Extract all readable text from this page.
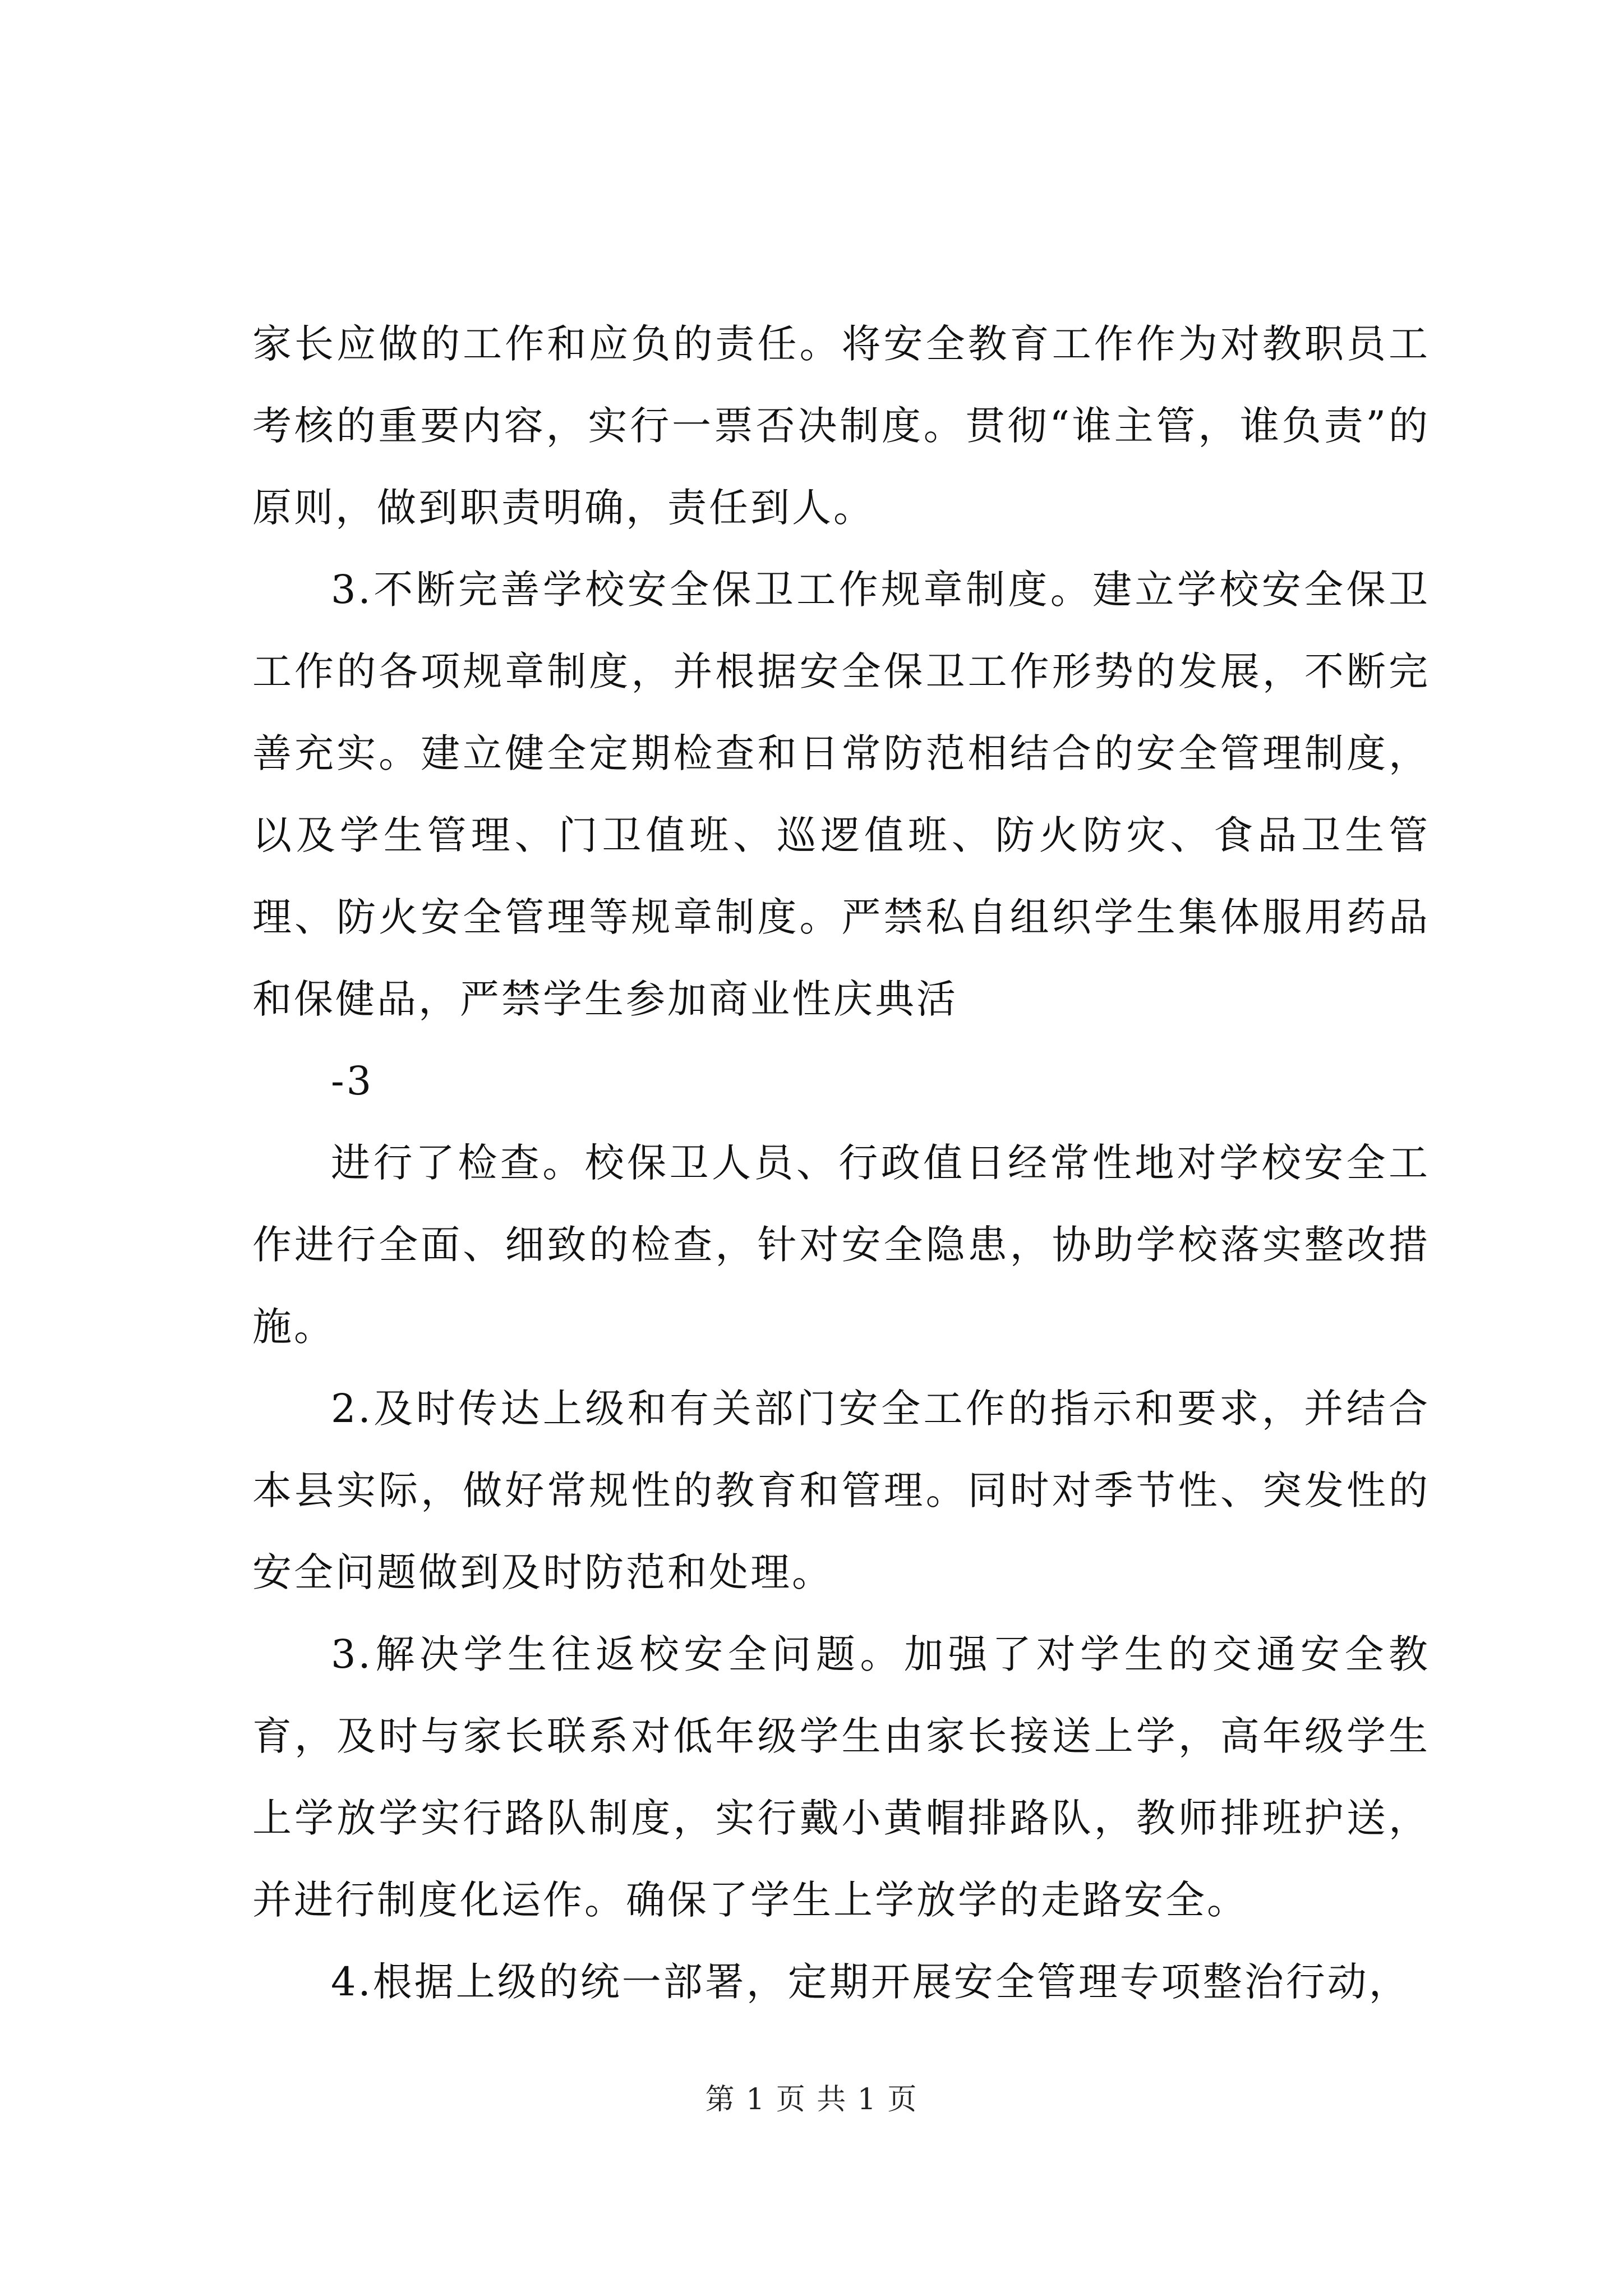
家长应做的工作和应负的责任。将安全教育工作作为对教职员工考核的重要内容，实行一票否决制度。贯彻“谁主管，谁负责”的原则，做到职责明确，责任到人。

3.不断完善学校安全保卫工作规章制度。建立学校安全保卫工作的各项规章制度，并根据安全保卫工作形势的发展，不断完善充实。建立健全定期检查和日常防范相结合的安全管理制度，以及学生管理、门卫值班、巡逻值班、防火防灾、食品卫生管理、防火安全管理等规章制度。严禁私自组织学生集体服用药品和保健品，严禁学生参加商业性庆典活

-3

进行了检查。校保卫人员、行政值日经常性地对学校安全工作进行全面、细致的检查，针对安全隐患，协助学校落实整改措施。

2.及时传达上级和有关部门安全工作的指示和要求，并结合本县实际，做好常规性的教育和管理。同时对季节性、突发性的安全问题做到及时防范和处理。

3.解决学生往返校安全问题。加强了对学生的交通安全教育，及时与家长联系对低年级学生由家长接送上学，高年级学生上学放学实行路队制度，实行戴小黄帽排路队，教师排班护送，并进行制度化运作。确保了学生上学放学的走路安全。

4.根据上级的统一部署，定期开展安全管理专项整治行动，

第 1 页 共 1 页
